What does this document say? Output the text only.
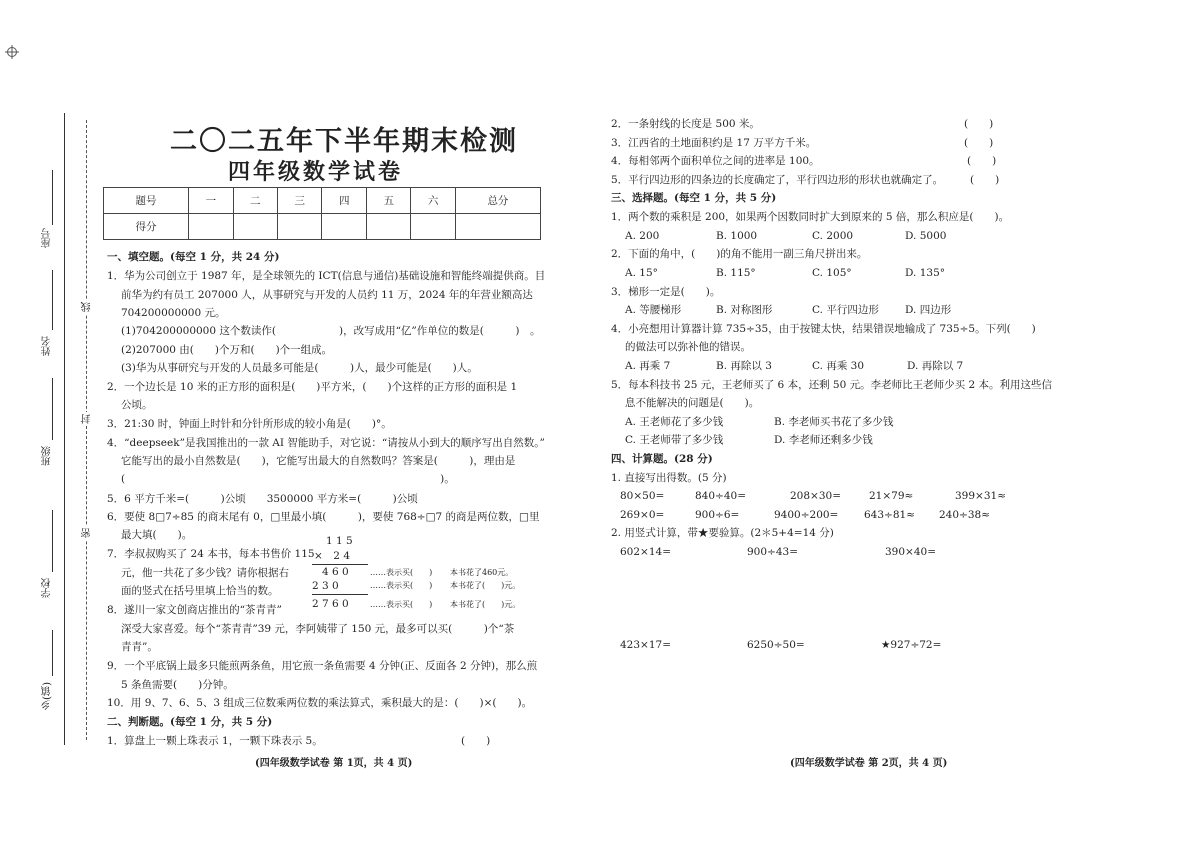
座号
姓名
班级
学校
乡(镇)
线
封
密
二〇二五年下半年期末检测
四年级数学试卷
题号	一	二	三	四	五	六	总分
得分							
一、填空题。(每空 1 分，共 24 分)
1．华为公司创立于 1987 年，是全球领先的 ICT(信息与通信)基础设施和智能终端提供商。目
前华为约有员工 207000 人，从事研究与开发的人员约 11 万，2024 年的年营业额高达
704200000000 元。
(1)704200000000 这个数读作(　　　　　　)，改写成用“亿”作单位的数是(　　　)　。
(2)207000 由(　　)个万和(　　)个一组成。
(3)华为从事研究与开发的人员最多可能是(　　　)人，最少可能是(　　)人。
2．一个边长是 10 米的正方形的面积是(　　)平方米，(　　)个这样的正方形的面积是 1
公顷。
3．21:30 时，钟面上时针和分针所形成的较小角是(　　)°。
4．“deepseek”是我国推出的一款 AI 智能助手，对它说：“请按从小到大的顺序写出自然数。”
它能写出的最小自然数是(　　)，它能写出最大的自然数吗？答案是(　　　)，理由是
(　　　　　　　　　　　　　　　　　　　　　　　　　　　　　　)。
5．6 平方千米=(　　　)公顷　　3500000 平方米=(　　　)公顷
6．要使 8□7÷85 的商末尾有 0，□里最小填(　　　)，要使 768÷□7 的商是两位数，□里
最大填(　　)。
7．李叔叔购买了 24 本书，每本书售价 115
元，他一共花了多少钱？请你根据右
面的竖式在括号里填上恰当的数。
1 1 5
×　2 4
4 6 0
2 3 0
2 7 6 0
……表示买(　　) 本书花了460元。
……表示买(　　) 本书花了(　　)元。
……表示买(　　) 本书花了(　　)元。
8．遂川一家文创商店推出的“茶青青”
深受大家喜爱。每个“茶青青”39 元，李阿姨带了 150 元，最多可以买(　　　)个“茶
青青”。
9．一个平底锅上最多只能煎两条鱼，用它煎一条鱼需要 4 分钟(正、反面各 2 分钟)，那么煎
5 条鱼需要(　　)分钟。
10．用 9、7、6、5、3 组成三位数乘两位数的乘法算式，乘积最大的是：(　　)×(　　)。
二、判断题。(每空 1 分，共 5 分)
1．算盘上一颗上珠表示 1，一颗下珠表示 5。	(　　)
(四年级数学试卷 第 1页，共 4 页)
2．一条射线的长度是 500 米。	(　　)
3．江西省的土地面积约是 17 万平方千米。	(　　)
4．每相邻两个面积单位之间的进率是 100。	(　　)
5．平行四边形的四条边的长度确定了，平行四边形的形状也就确定了。	(　　)
三、选择题。(每空 1 分，共 5 分)
1．两个数的乘积是 200，如果两个因数同时扩大到原来的 5 倍，那么积应是(　　)。
A. 200	B. 1000	C. 2000	D. 5000
2．下面的角中，(　　)的角不能用一副三角尺拼出来。
A. 15°	B. 115°	C. 105°	D. 135°
3．梯形一定是(　　)。
A. 等腰梯形	B. 对称图形	C. 平行四边形 D. 四边形
4．小亮想用计算器计算 735÷35，由于按键太快，结果错误地输成了 735÷5。下列(　　)
的做法可以弥补他的错误。
A. 再乘 7	B. 再除以 3	C. 再乘 30	D. 再除以 7
5．每本科技书 25 元，王老师买了 6 本，还剩 50 元。李老师比王老师少买 2 本。利用这些信
息不能解决的问题是(　　)。
A. 王老师花了多少钱	B. 李老师买书花了多少钱
C. 王老师带了多少钱	D. 李老师还剩多少钱
四、计算题。(28 分)
1. 直接写出得数。(5 分)
80×50=	840÷40=	208×30=	21×79≈	399×31≈
269×0=	900÷6=	9400÷200= 643÷81≈ 240÷38≈
2. 用竖式计算，带★要验算。(2＊5+4=14 分)
602×14=	900÷43=	390×40=
423×17=	6250÷50=	★927÷72=
(四年级数学试卷 第 2页，共 4 页)
